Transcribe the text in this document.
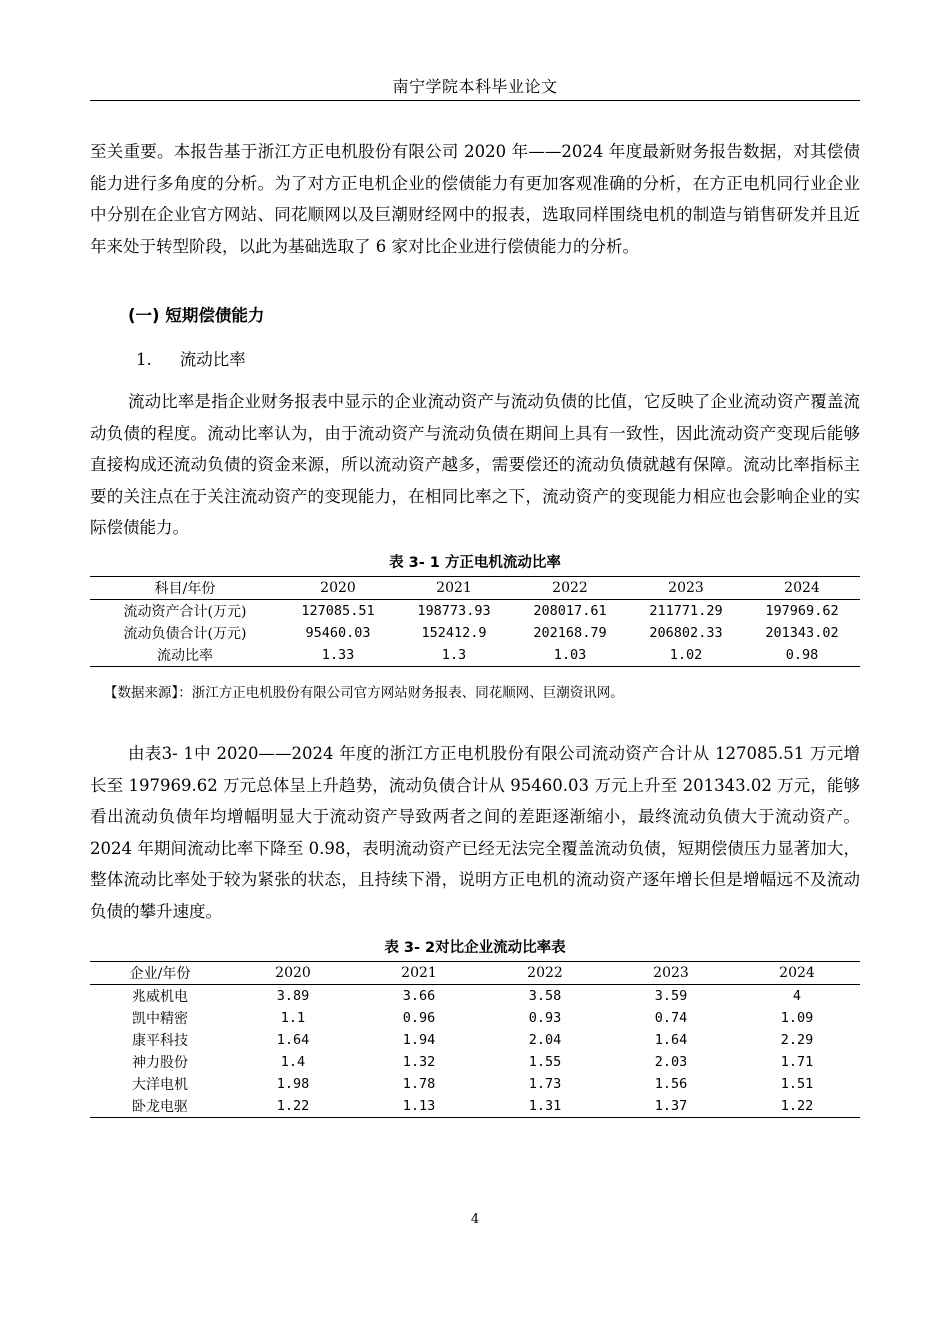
南宁学院本科毕业论文
至关重要。本报告基于浙江方正电机股份有限公司 2020 年——2024 年度最新财务报告数据，对其偿债能力进行多角度的分析。为了对方正电机企业的偿债能力有更加客观准确的分析，在方正电机同行业企业中分别在企业官方网站、同花顺网以及巨潮财经网中的报表，选取同样围绕电机的制造与销售研发并且近年来处于转型阶段，以此为基础选取了 6 家对比企业进行偿债能力的分析。
(一) 短期偿债能力
1. 流动比率
流动比率是指企业财务报表中显示的企业流动资产与流动负债的比值，它反映了企业流动资产覆盖流动负债的程度。流动比率认为，由于流动资产与流动负债在期间上具有一致性，因此流动资产变现后能够直接构成还流动负债的资金来源，所以流动资产越多，需要偿还的流动负债就越有保障。流动比率指标主要的关注点在于关注流动资产的变现能力，在相同比率之下，流动资产的变现能力相应也会影响企业的实际偿债能力。
表 3- 1 方正电机流动比率
科目/年份	2020	2021	2022	2023	2024
流动资产合计(万元)	127085.51	198773.93	208017.61	211771.29	197969.62
流动负债合计(万元)	95460.03	152412.9	202168.79	206802.33	201343.02
流动比率	1.33	1.3	1.03	1.02	0.98
【数据来源】：浙江方正电机股份有限公司官方网站财务报表、同花顺网、巨潮资讯网。
由表3- 1中 2020——2024 年度的浙江方正电机股份有限公司流动资产合计从 127085.51 万元增长至 197969.62 万元总体呈上升趋势，流动负债合计从 95460.03 万元上升至 201343.02 万元，能够看出流动负债年均增幅明显大于流动资产导致两者之间的差距逐渐缩小，最终流动负债大于流动资产。2024 年期间流动比率下降至 0.98，表明流动资产已经无法完全覆盖流动负债，短期偿债压力显著加大，整体流动比率处于较为紧张的状态，且持续下滑，说明方正电机的流动资产逐年增长但是增幅远不及流动负债的攀升速度。
表 3- 2对比企业流动比率表
企业/年份	2020	2021	2022	2023	2024
兆威机电	3.89	3.66	3.58	3.59	4
凯中精密	1.1	0.96	0.93	0.74	1.09
康平科技	1.64	1.94	2.04	1.64	2.29
神力股份	1.4	1.32	1.55	2.03	1.71
大洋电机	1.98	1.78	1.73	1.56	1.51
卧龙电驱	1.22	1.13	1.31	1.37	1.22
4
